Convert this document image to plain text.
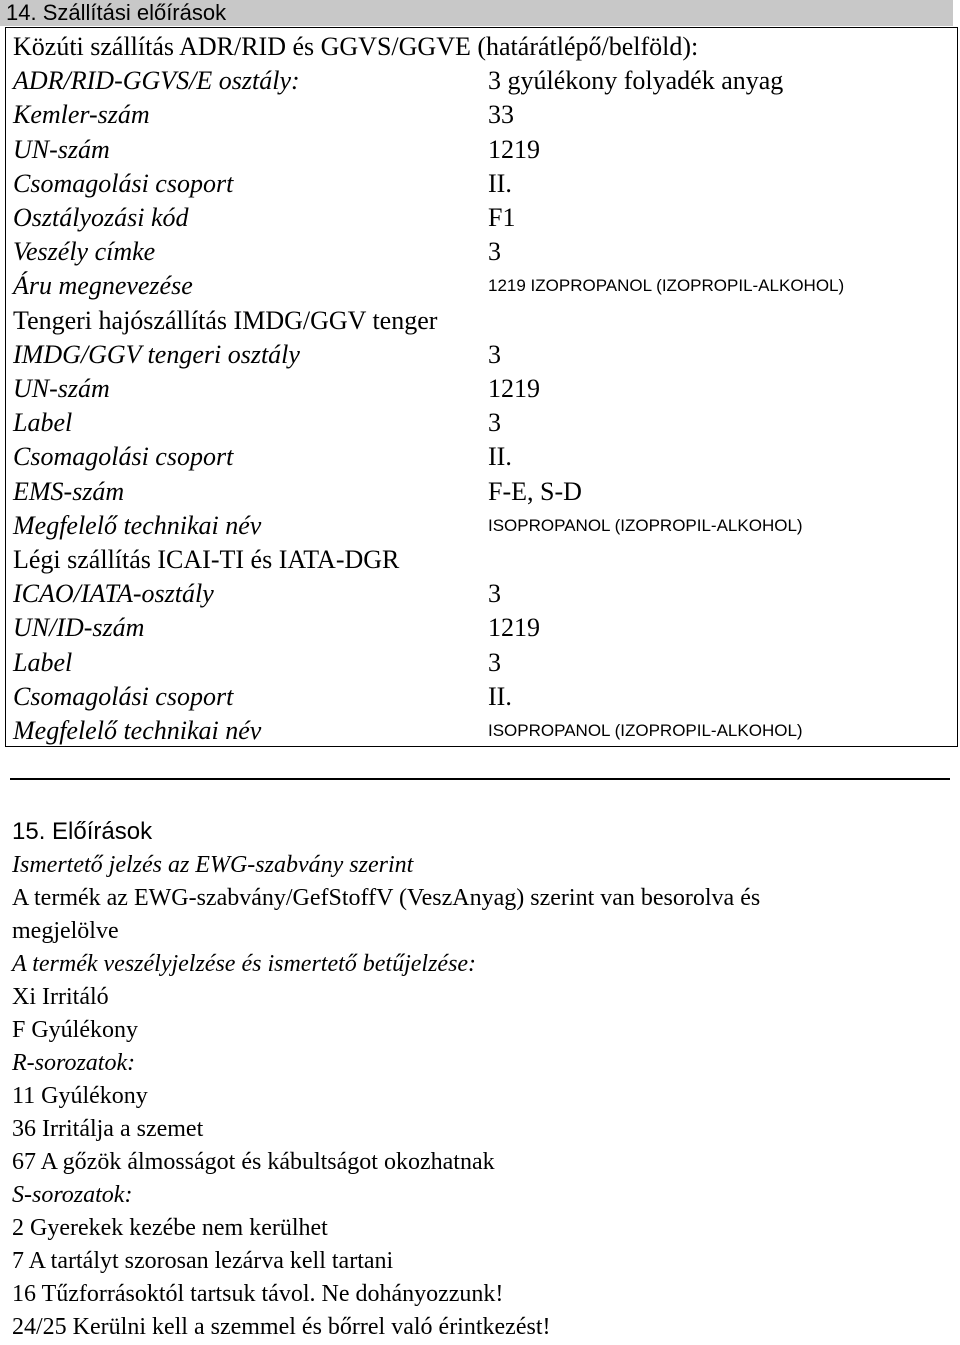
14. Szállítási előírások
Közúti szállítás ADR/RID és GGVS/GGVE (határátlépő/belföld):
ADR/RID-GGVS/E osztály:	3 gyúlékony folyadék anyag
Kemler-szám	33
UN-szám	1219
Csomagolási csoport	II.
Osztályozási kód	F1
Veszély címke	3
Áru megnevezése	1219 IZOPROPANOL (IZOPROPIL-ALKOHOL)
Tengeri hajószállítás IMDG/GGV tenger
IMDG/GGV tengeri osztály	3
UN-szám	1219
Label	3
Csomagolási csoport	II.
EMS-szám	F-E, S-D
Megfelelő technikai név	ISOPROPANOL (IZOPROPIL-ALKOHOL)
Légi szállítás ICAI-TI és IATA-DGR
ICAO/IATA-osztály	3
UN/ID-szám	1219
Label	3
Csomagolási csoport	II.
Megfelelő technikai név	ISOPROPANOL (IZOPROPIL-ALKOHOL)
15. Előírások
Ismertető jelzés az EWG-szabvány szerint
A termék az EWG-szabvány/GefStoffV (VeszAnyag) szerint van besorolva és
megjelölve
A termék veszélyjelzése és ismertető betűjelzése:
Xi Irritáló
F Gyúlékony
R-sorozatok:
11 Gyúlékony
36 Irritálja a szemet
67 A gőzök álmosságot és kábultságot okozhatnak
S-sorozatok:
2 Gyerekek kezébe nem kerülhet
7 A tartályt szorosan lezárva kell tartani
16 Tűzforrásoktól tartsuk távol. Ne dohányozzunk!
24/25 Kerülni kell a szemmel és bőrrel való érintkezést!
